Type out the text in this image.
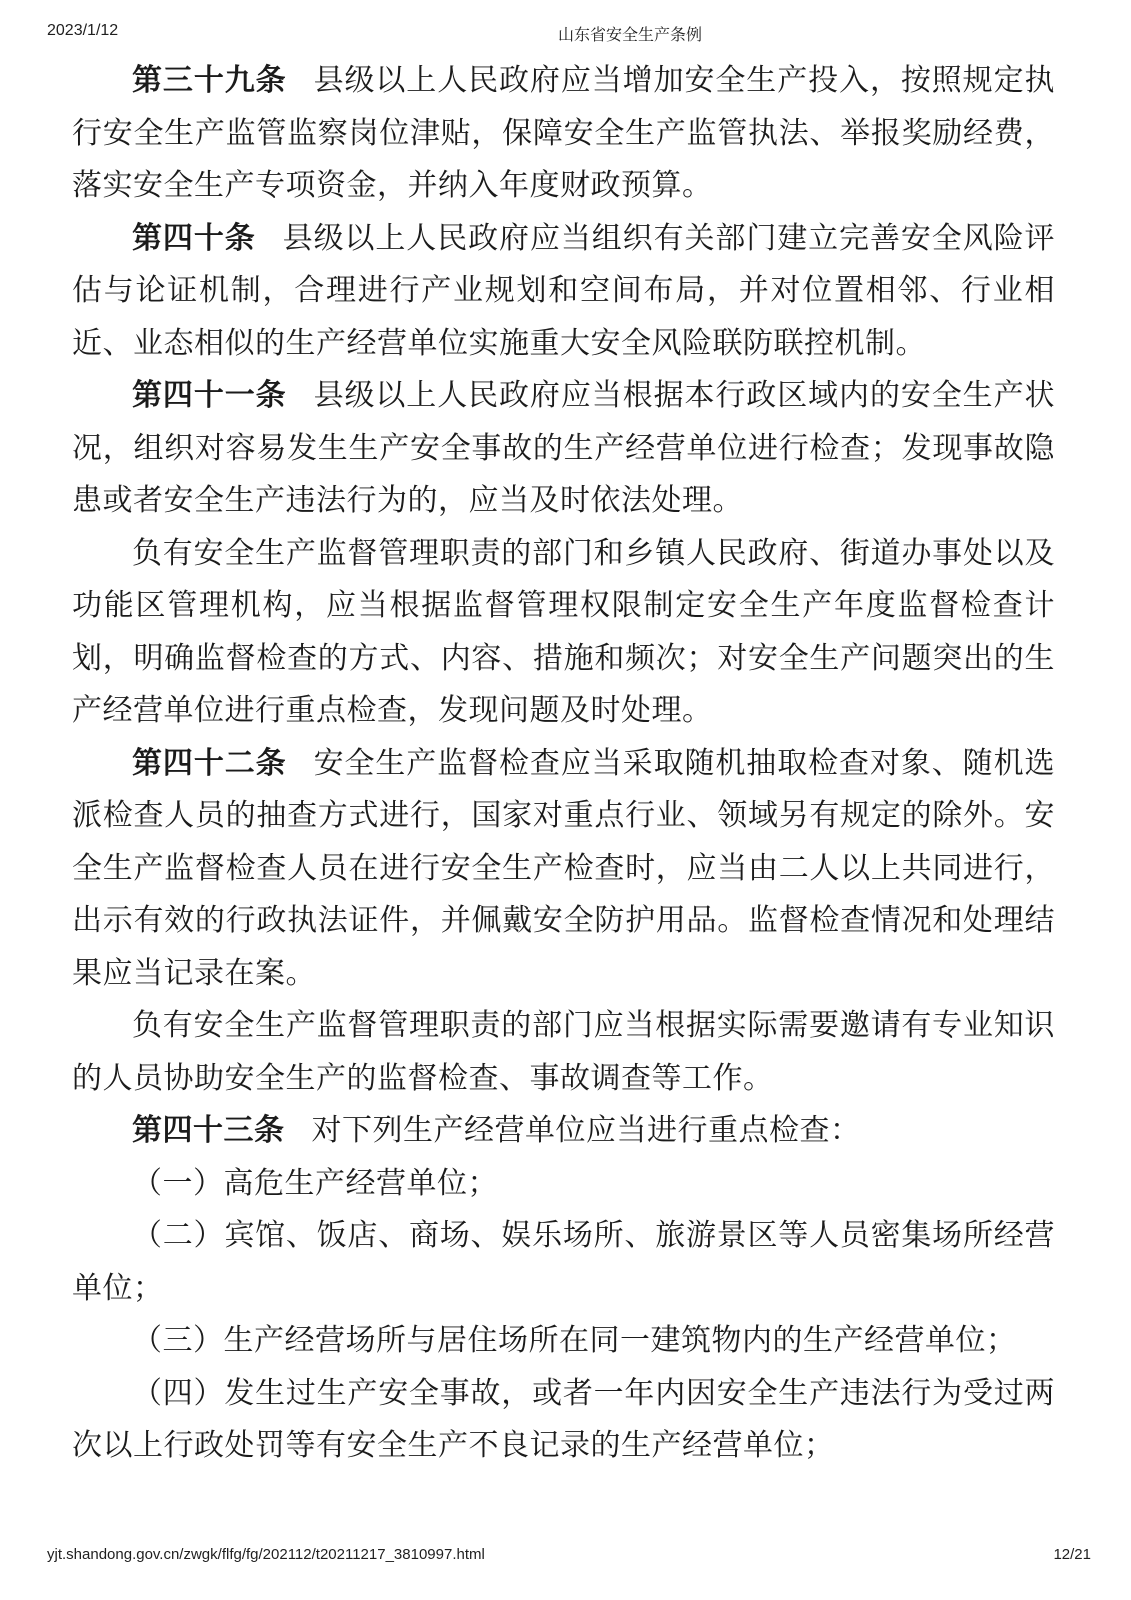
2023/1/12	山东省安全生产条例

第三十九条 县级以上人民政府应当增加安全生产投入，按照规定执行安全生产监管监察岗位津贴，保障安全生产监管执法、举报奖励经费，落实安全生产专项资金，并纳入年度财政预算。

第四十条 县级以上人民政府应当组织有关部门建立完善安全风险评估与论证机制，合理进行产业规划和空间布局，并对位置相邻、行业相近、业态相似的生产经营单位实施重大安全风险联防联控机制。

第四十一条 县级以上人民政府应当根据本行政区域内的安全生产状况，组织对容易发生生产安全事故的生产经营单位进行检查；发现事故隐患或者安全生产违法行为的，应当及时依法处理。

负有安全生产监督管理职责的部门和乡镇人民政府、街道办事处以及功能区管理机构，应当根据监督管理权限制定安全生产年度监督检查计划，明确监督检查的方式、内容、措施和频次；对安全生产问题突出的生产经营单位进行重点检查，发现问题及时处理。

第四十二条 安全生产监督检查应当采取随机抽取检查对象、随机选派检查人员的抽查方式进行，国家对重点行业、领域另有规定的除外。安全生产监督检查人员在进行安全生产检查时，应当由二人以上共同进行，出示有效的行政执法证件，并佩戴安全防护用品。监督检查情况和处理结果应当记录在案。

负有安全生产监督管理职责的部门应当根据实际需要邀请有专业知识的人员协助安全生产的监督检查、事故调查等工作。

第四十三条 对下列生产经营单位应当进行重点检查：

（一）高危生产经营单位；

（二）宾馆、饭店、商场、娱乐场所、旅游景区等人员密集场所经营单位；

（三）生产经营场所与居住场所在同一建筑物内的生产经营单位；

（四）发生过生产安全事故，或者一年内因安全生产违法行为受过两次以上行政处罚等有安全生产不良记录的生产经营单位；

yjt.shandong.gov.cn/zwgk/flfg/fg/202112/t20211217_3810997.html	12/21
